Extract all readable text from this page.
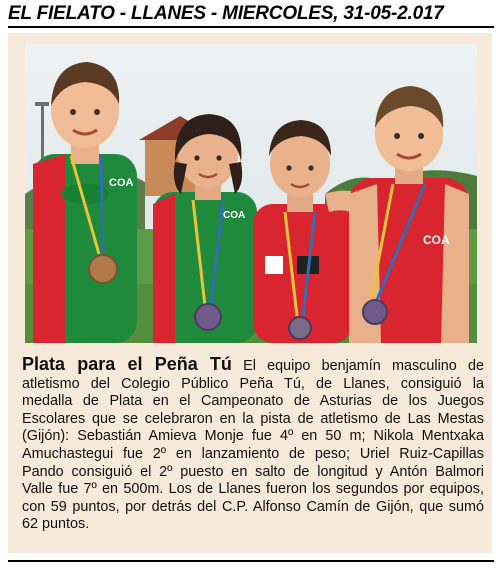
EL FIELATO - LLANES - MIERCOLES, 31-05-2.017
COA
COA
COA
Plata para el Peña Tú El equipo benjamín masculino de
atletismo del Colegio Público Peña Tú, de Llanes, consiguió la
medalla de Plata en el Campeonato de Asturias de los Juegos
Escolares que se celebraron en la pista de atletismo de Las Mestas
(Gijón): Sebastián Amieva Monje fue 4º en 50 m; Nikola Mentxaka
Amuchastegui fue 2º en lanzamiento de peso; Uriel Ruiz-Capillas
Pando consiguió el 2º puesto en salto de longitud y Antón Balmori
Valle fue 7º en 500m. Los de Llanes fueron los segundos por equipos,
con 59 puntos, por detrás del C.P. Alfonso Camín de Gijón, que sumó
62 puntos.
